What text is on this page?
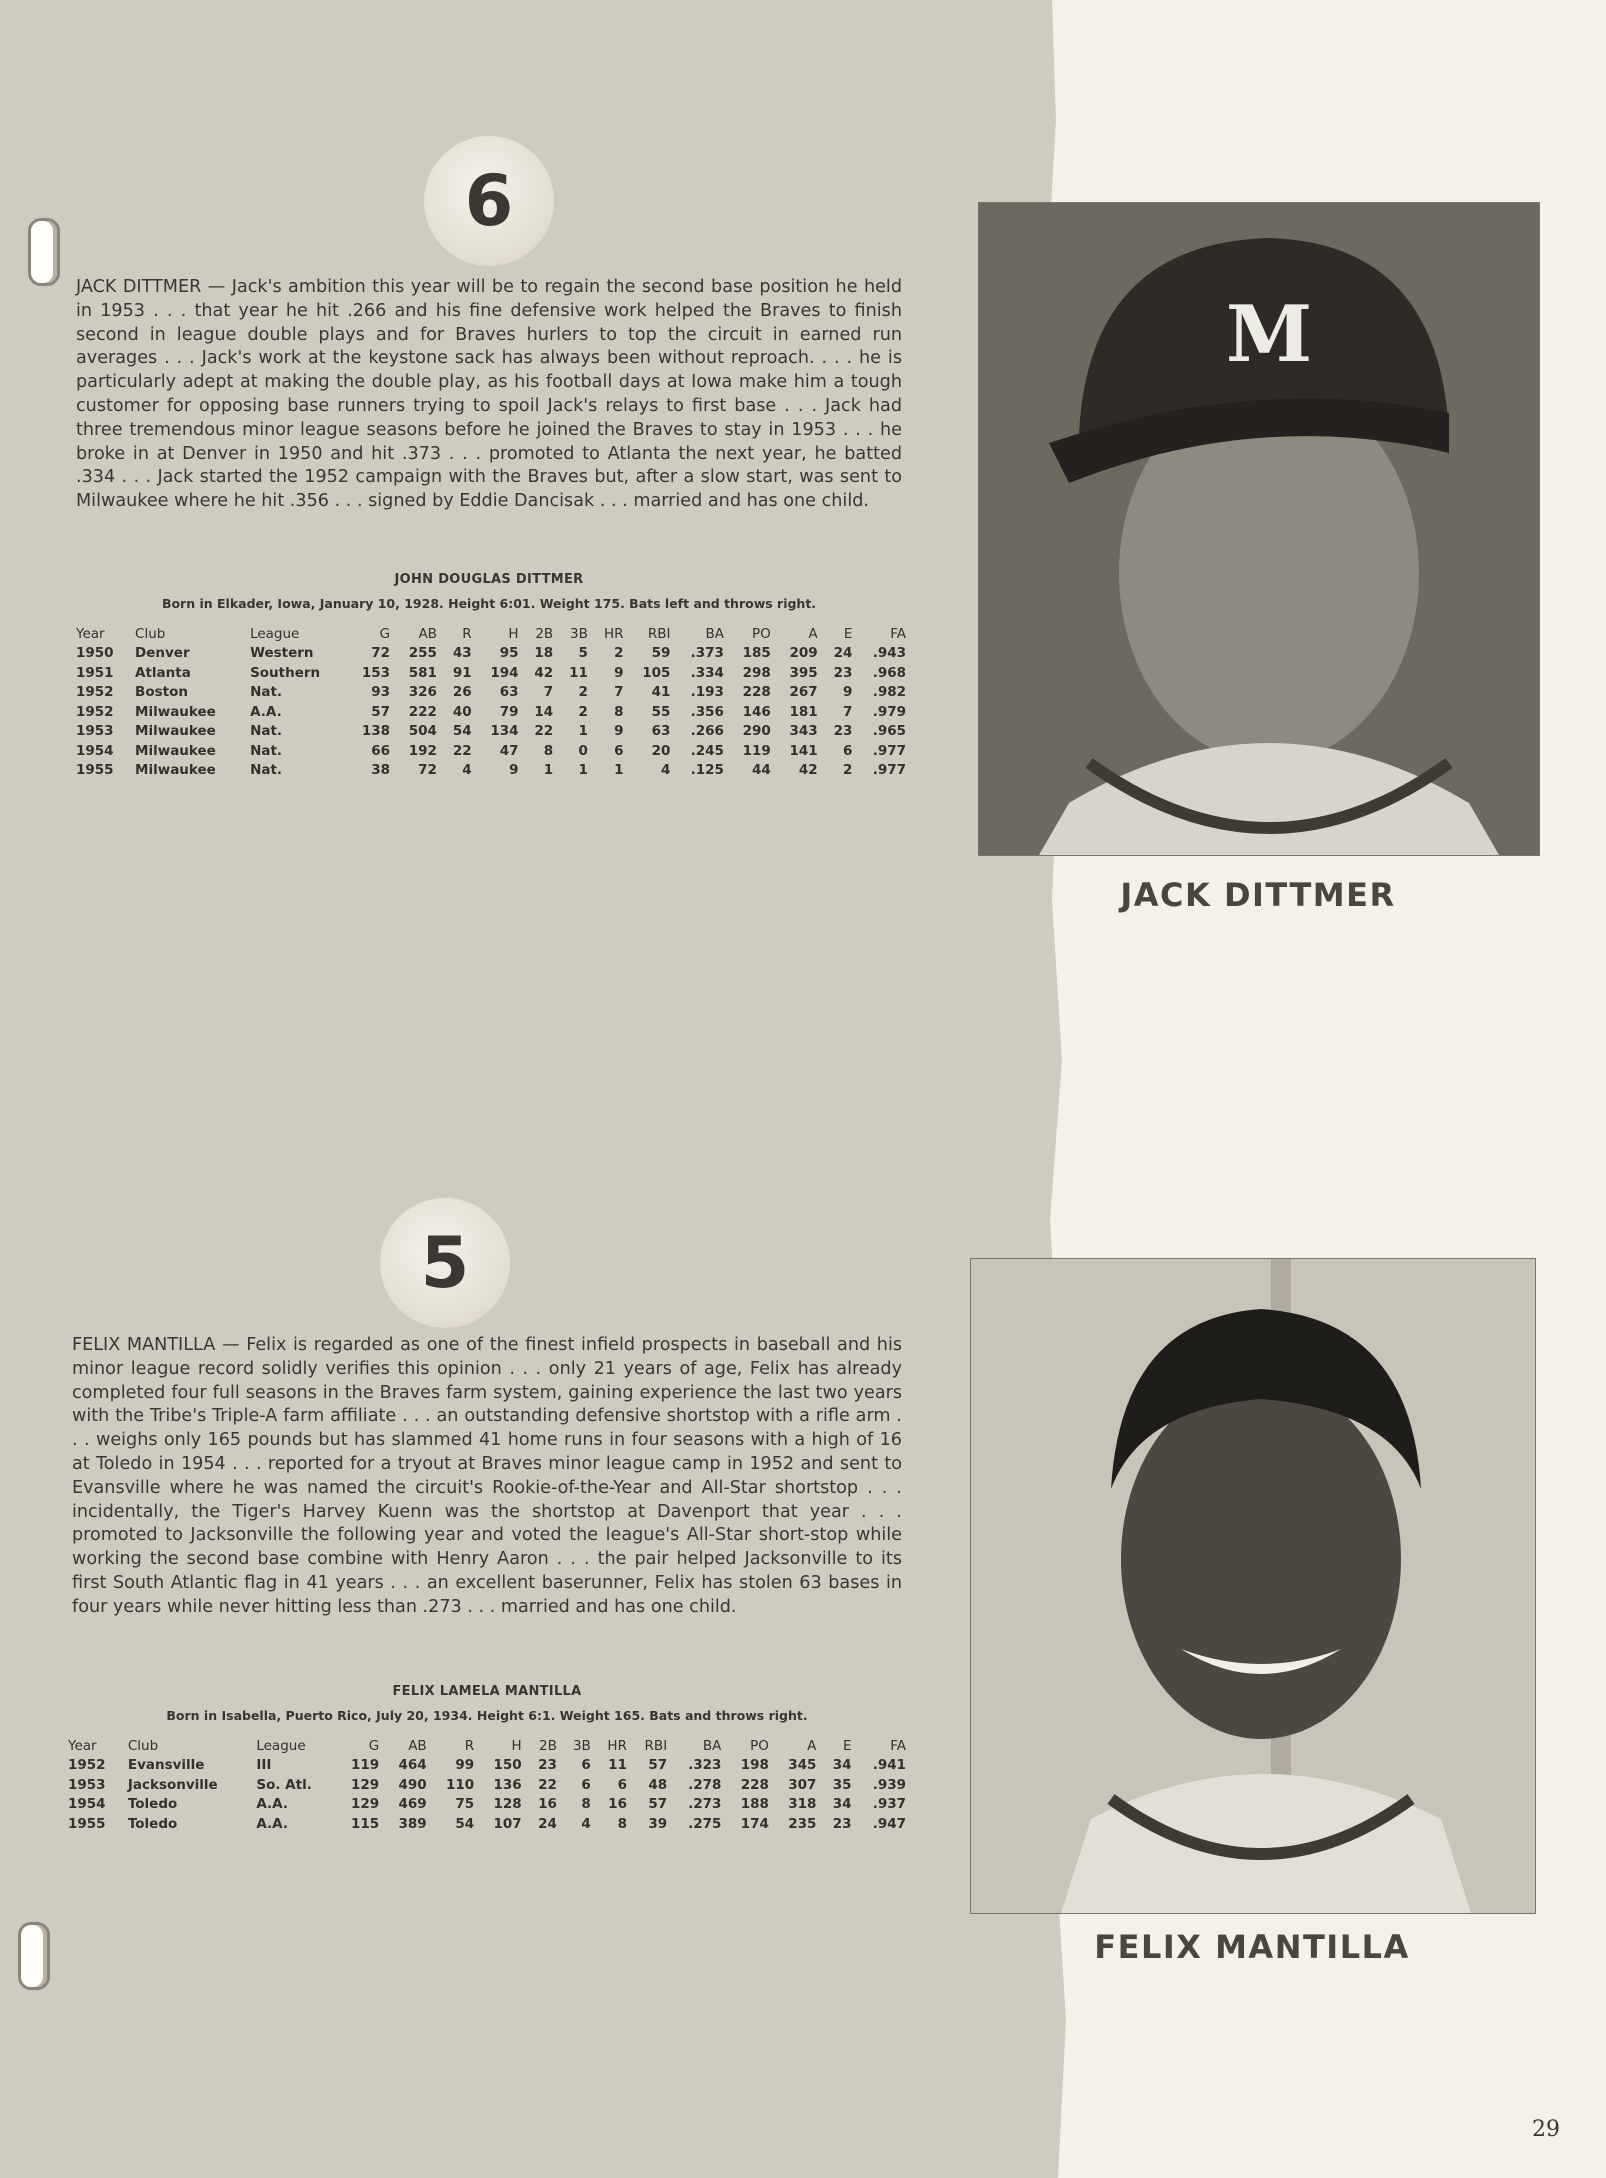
6

JACK DITTMER — Jack's ambition this year will be to regain the second base position he held in 1953 . . . that year he hit .266 and his fine defensive work helped the Braves to finish second in league double plays and for Braves hurlers to top the circuit in earned run averages . . . Jack's work at the keystone sack has always been without reproach. . . . he is particularly adept at making the double play, as his football days at Iowa make him a tough customer for opposing base runners trying to spoil Jack's relays to first base . . . Jack had three tremendous minor league seasons before he joined the Braves to stay in 1953 . . . he broke in at Denver in 1950 and hit .373 . . . promoted to Atlanta the next year, he batted .334 . . . Jack started the 1952 campaign with the Braves but, after a slow start, was sent to Milwaukee where he hit .356 . . . signed by Eddie Dancisak . . . married and has one child.

JOHN DOUGLAS DITTMER
Born in Elkader, Iowa, January 10, 1928. Height 6:01. Weight 175. Bats left and throws right.
Year	Club	League	G	AB	R	H	2B	3B	HR	RBI	BA	PO	A	E	FA
1950	Denver	Western	72	255	43	95	18	5	2	59	.373	185	209	24	.943
1951	Atlanta	Southern	153	581	91	194	42	11	9	105	.334	298	395	23	.968
1952	Boston	Nat.	93	326	26	63	7	2	7	41	.193	228	267	9	.982
1952	Milwaukee	A.A.	57	222	40	79	14	2	8	55	.356	146	181	7	.979
1953	Milwaukee	Nat.	138	504	54	134	22	1	9	63	.266	290	343	23	.965
1954	Milwaukee	Nat.	66	192	22	47	8	0	6	20	.245	119	141	6	.977
1955	Milwaukee	Nat.	38	72	4	9	1	1	1	4	.125	44	42	2	.977
M
JACK DITTMER
5

FELIX MANTILLA — Felix is regarded as one of the finest infield prospects in baseball and his minor league record solidly verifies this opinion . . . only 21 years of age, Felix has already completed four full seasons in the Braves farm system, gaining experience the last two years with the Tribe's Triple-A farm affiliate . . . an outstanding defensive shortstop with a rifle arm . . . weighs only 165 pounds but has slammed 41 home runs in four seasons with a high of 16 at Toledo in 1954 . . . reported for a tryout at Braves minor league camp in 1952 and sent to Evansville where he was named the circuit's Rookie-of-the-Year and All-Star shortstop . . . incidentally, the Tiger's Harvey Kuenn was the shortstop at Davenport that year . . . promoted to Jacksonville the following year and voted the league's All-Star short-stop while working the second base combine with Henry Aaron . . . the pair helped Jacksonville to its first South Atlantic flag in 41 years . . . an excellent baserunner, Felix has stolen 63 bases in four years while never hitting less than .273 . . . married and has one child.

FELIX LAMELA MANTILLA
Born in Isabella, Puerto Rico, July 20, 1934. Height 6:1. Weight 165. Bats and throws right.
Year	Club	League	G	AB	R	H	2B	3B	HR	RBI	BA	PO	A	E	FA
1952	Evansville	III	119	464	99	150	23	6	11	57	.323	198	345	34	.941
1953	Jacksonville	So. Atl.	129	490	110	136	22	6	6	48	.278	228	307	35	.939
1954	Toledo	A.A.	129	469	75	128	16	8	16	57	.273	188	318	34	.937
1955	Toledo	A.A.	115	389	54	107	24	4	8	39	.275	174	235	23	.947
FELIX MANTILLA
29
